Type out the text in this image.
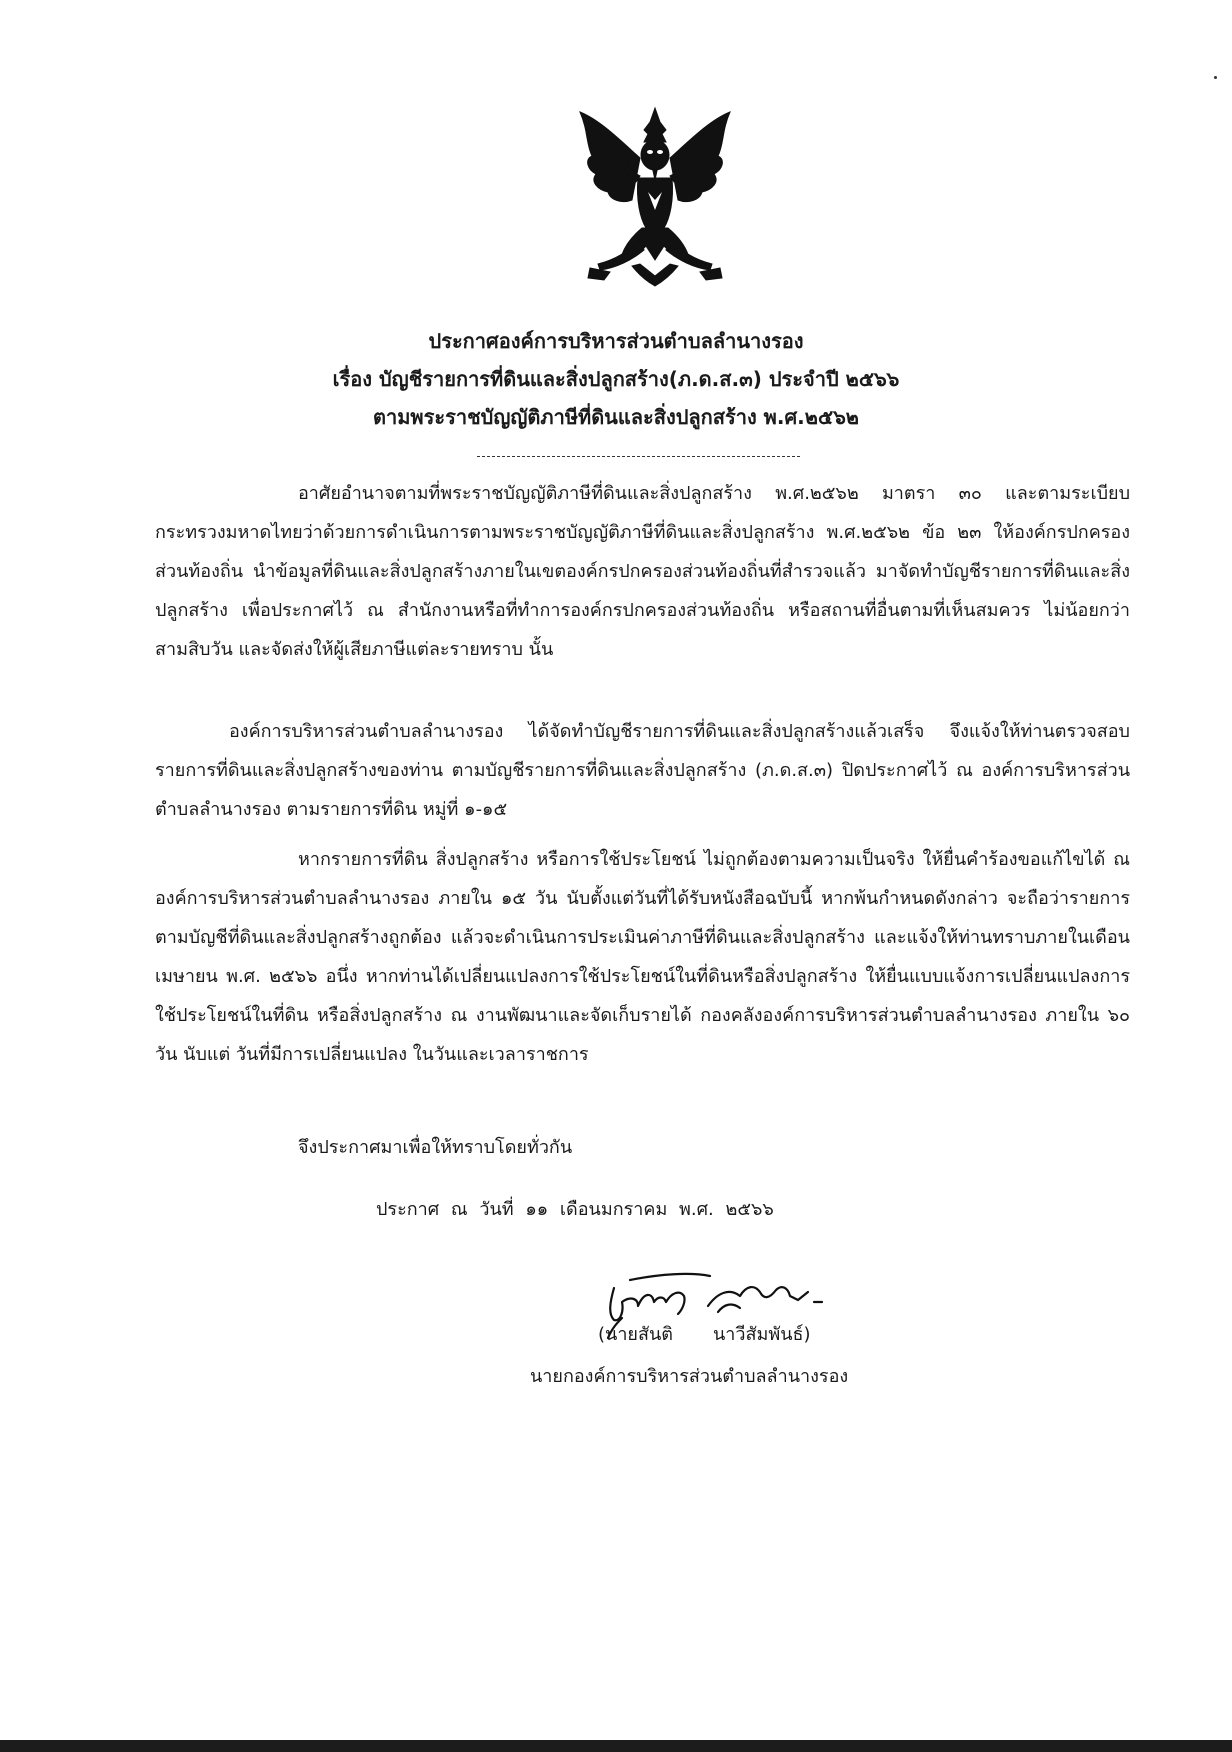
ประกาศองค์การบริหารส่วนตำบลลำนางรอง
เรื่อง บัญชีรายการที่ดินและสิ่งปลูกสร้าง(ภ.ด.ส.๓) ประจำปี ๒๕๖๖
ตามพระราชบัญญัติภาษีที่ดินและสิ่งปลูกสร้าง พ.ศ.๒๕๖๒
อาศัยอำนาจตามที่พระราชบัญญัติภาษีที่ดินและสิ่งปลูกสร้าง พ.ศ.๒๕๖๒ มาตรา ๓๐ และตามระเบียบกระทรวงมหาดไทยว่าด้วยการดำเนินการตามพระราชบัญญัติภาษีที่ดินและสิ่งปลูกสร้าง พ.ศ.๒๕๖๒ ข้อ ๒๓ ให้องค์กรปกครองส่วนท้องถิ่น นำข้อมูลที่ดินและสิ่งปลูกสร้างภายในเขตองค์กรปกครองส่วนท้องถิ่นที่สำรวจแล้ว มาจัดทำบัญชีรายการที่ดินและสิ่งปลูกสร้าง เพื่อประกาศไว้ ณ สำนักงานหรือที่ทำการองค์กรปกครองส่วนท้องถิ่น หรือสถานที่อื่นตามที่เห็นสมควร ไม่น้อยกว่าสามสิบวัน และจัดส่งให้ผู้เสียภาษีแต่ละรายทราบ นั้น
องค์การบริหารส่วนตำบลลำนางรอง ได้จัดทำบัญชีรายการที่ดินและสิ่งปลูกสร้างแล้วเสร็จ จึงแจ้งให้ท่านตรวจสอบรายการที่ดินและสิ่งปลูกสร้างของท่าน ตามบัญชีรายการที่ดินและสิ่งปลูกสร้าง (ภ.ด.ส.๓) ปิดประกาศไว้ ณ องค์การบริหารส่วนตำบลลำนางรอง ตามรายการที่ดิน หมู่ที่ ๑-๑๕
หากรายการที่ดิน สิ่งปลูกสร้าง หรือการใช้ประโยชน์ ไม่ถูกต้องตามความเป็นจริง ให้ยื่นคำร้องขอแก้ไขได้ ณ องค์การบริหารส่วนตำบลลำนางรอง ภายใน ๑๕ วัน นับตั้งแต่วันที่ได้รับหนังสือฉบับนี้ หากพ้นกำหนดดังกล่าว จะถือว่ารายการตามบัญชีที่ดินและสิ่งปลูกสร้างถูกต้อง แล้วจะดำเนินการประเมินค่าภาษีที่ดินและสิ่งปลูกสร้าง และแจ้งให้ท่านทราบภายในเดือน เมษายน พ.ศ. ๒๕๖๖ อนึ่ง หากท่านได้เปลี่ยนแปลงการใช้ประโยชน์ในที่ดินหรือสิ่งปลูกสร้าง ให้ยื่นแบบแจ้งการเปลี่ยนแปลงการใช้ประโยชน์ในที่ดิน หรือสิ่งปลูกสร้าง ณ งานพัฒนาและจัดเก็บรายได้ กองคลังองค์การบริหารส่วนตำบลลำนางรอง ภายใน ๖๐ วัน นับแต่ วันที่มีการเปลี่ยนแปลง ในวันและเวลาราชการ
จึงประกาศมาเพื่อให้ทราบโดยทั่วกัน
ประกาศ ณ วันที่ ๑๑ เดือนมกราคม พ.ศ. ๒๕๖๖
(นายสันติ นาวีสัมพันธ์)
นายกองค์การบริหารส่วนตำบลลำนางรอง
